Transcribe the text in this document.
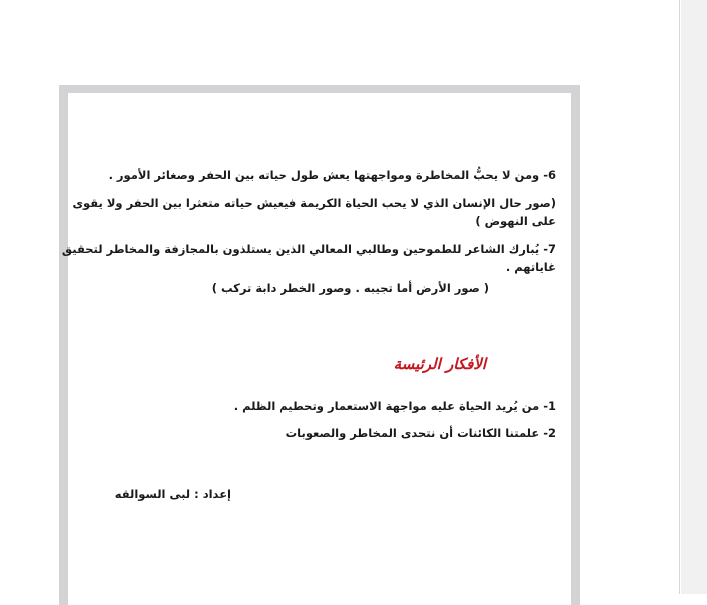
6- ومن لا يحبُّ المخاطرة ومواجهتها يعش طول حياته بين الحفر وصغائر الأمور .
(صور حال الإنسان الذي لا يحب الحياة الكريمة فيعيش حياته متعثرا بين الحفر ولا يقوى
على النهوض )
7- يُبارك الشاعر للطموحين وطالبي المعالي الذين يستلذون بالمجازفة والمخاطر لتحقيق
غاياتهم .
( صور الأرض أما تجيبه . وصور الخطر دابة تركب )
الأفكار الرئيسة
1- من يُريد الحياة عليه مواجهة الاستعمار وتحطيم الظلم .
2- علمتنا الكائنات أن نتحدى المخاطر والصعوبات
إعداد : لبى السوالقه
